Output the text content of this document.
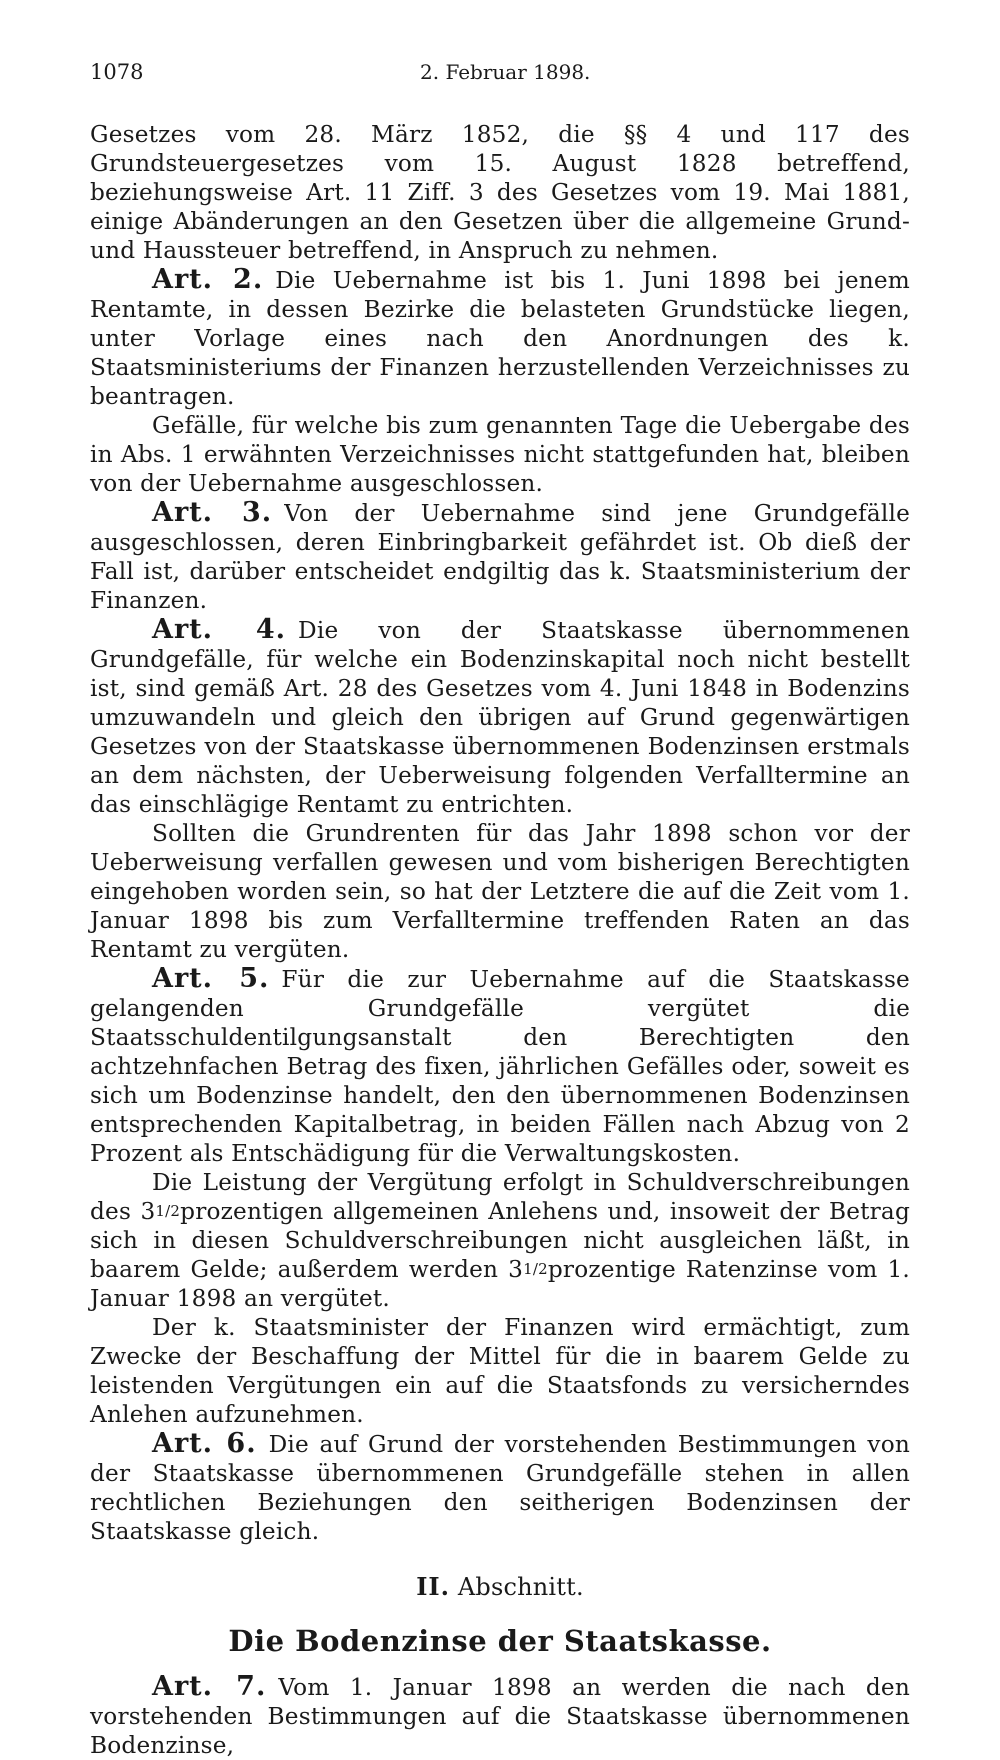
1078	2. Februar 1898.

Gesetzes vom 28. März 1852, die §§ 4 und 117 des Grundsteuergesetzes vom 15. August 1828 betreffend, beziehungsweise Art. 11 Ziff. 3 des Gesetzes vom 19. Mai 1881, einige Abänderungen an den Gesetzen über die allgemeine Grund- und Haussteuer betreffend, in Anspruch zu nehmen.

Art. 2. Die Uebernahme ist bis 1. Juni 1898 bei jenem Rentamte, in dessen Bezirke die belasteten Grundstücke liegen, unter Vorlage eines nach den Anordnungen des k. Staatsministeriums der Finanzen herzustellenden Verzeichnisses zu beantragen.

Gefälle, für welche bis zum genannten Tage die Uebergabe des in Abs. 1 erwähnten Verzeichnisses nicht stattgefunden hat, bleiben von der Uebernahme ausgeschlossen.

Art. 3. Von der Uebernahme sind jene Grundgefälle ausgeschlossen, deren Einbringbarkeit gefährdet ist. Ob dieß der Fall ist, darüber entscheidet endgiltig das k. Staatsministerium der Finanzen.

Art. 4. Die von der Staatskasse übernommenen Grundgefälle, für welche ein Bodenzinskapital noch nicht bestellt ist, sind gemäß Art. 28 des Gesetzes vom 4. Juni 1848 in Bodenzins umzuwandeln und gleich den übrigen auf Grund gegenwärtigen Gesetzes von der Staatskasse übernommenen Bodenzinsen erstmals an dem nächsten, der Ueberweisung folgenden Verfalltermine an das einschlägige Rentamt zu entrichten.

Sollten die Grundrenten für das Jahr 1898 schon vor der Ueberweisung verfallen gewesen und vom bisherigen Berechtigten eingehoben worden sein, so hat der Letztere die auf die Zeit vom 1. Januar 1898 bis zum Verfalltermine treffenden Raten an das Rentamt zu vergüten.

Art. 5. Für die zur Uebernahme auf die Staatskasse gelangenden Grundgefälle vergütet die Staatsschuldentilgungsanstalt den Berechtigten den achtzehnfachen Betrag des fixen, jährlichen Gefälles oder, soweit es sich um Bodenzinse handelt, den den übernommenen Bodenzinsen entsprechenden Kapitalbetrag, in beiden Fällen nach Abzug von 2 Prozent als Entschädigung für die Verwaltungskosten.

Die Leistung der Vergütung erfolgt in Schuldverschreibungen des 31/2prozentigen allgemeinen Anlehens und, insoweit der Betrag sich in diesen Schuldverschreibungen nicht ausgleichen läßt, in baarem Gelde; außerdem werden 31/2prozentige Ratenzinse vom 1. Januar 1898 an vergütet.

Der k. Staatsminister der Finanzen wird ermächtigt, zum Zwecke der Beschaffung der Mittel für die in baarem Gelde zu leistenden Vergütungen ein auf die Staatsfonds zu versicherndes Anlehen aufzunehmen.

Art. 6. Die auf Grund der vorstehenden Bestimmungen von der Staatskasse übernommenen Grundgefälle stehen in allen rechtlichen Beziehungen den seitherigen Bodenzinsen der Staatskasse gleich.

II. Abschnitt.
Die Bodenzinse der Staatskasse.

Art. 7. Vom 1. Januar 1898 an werden die nach den vorstehenden Bestimmungen auf die Staatskasse übernommenen Bodenzinse,
